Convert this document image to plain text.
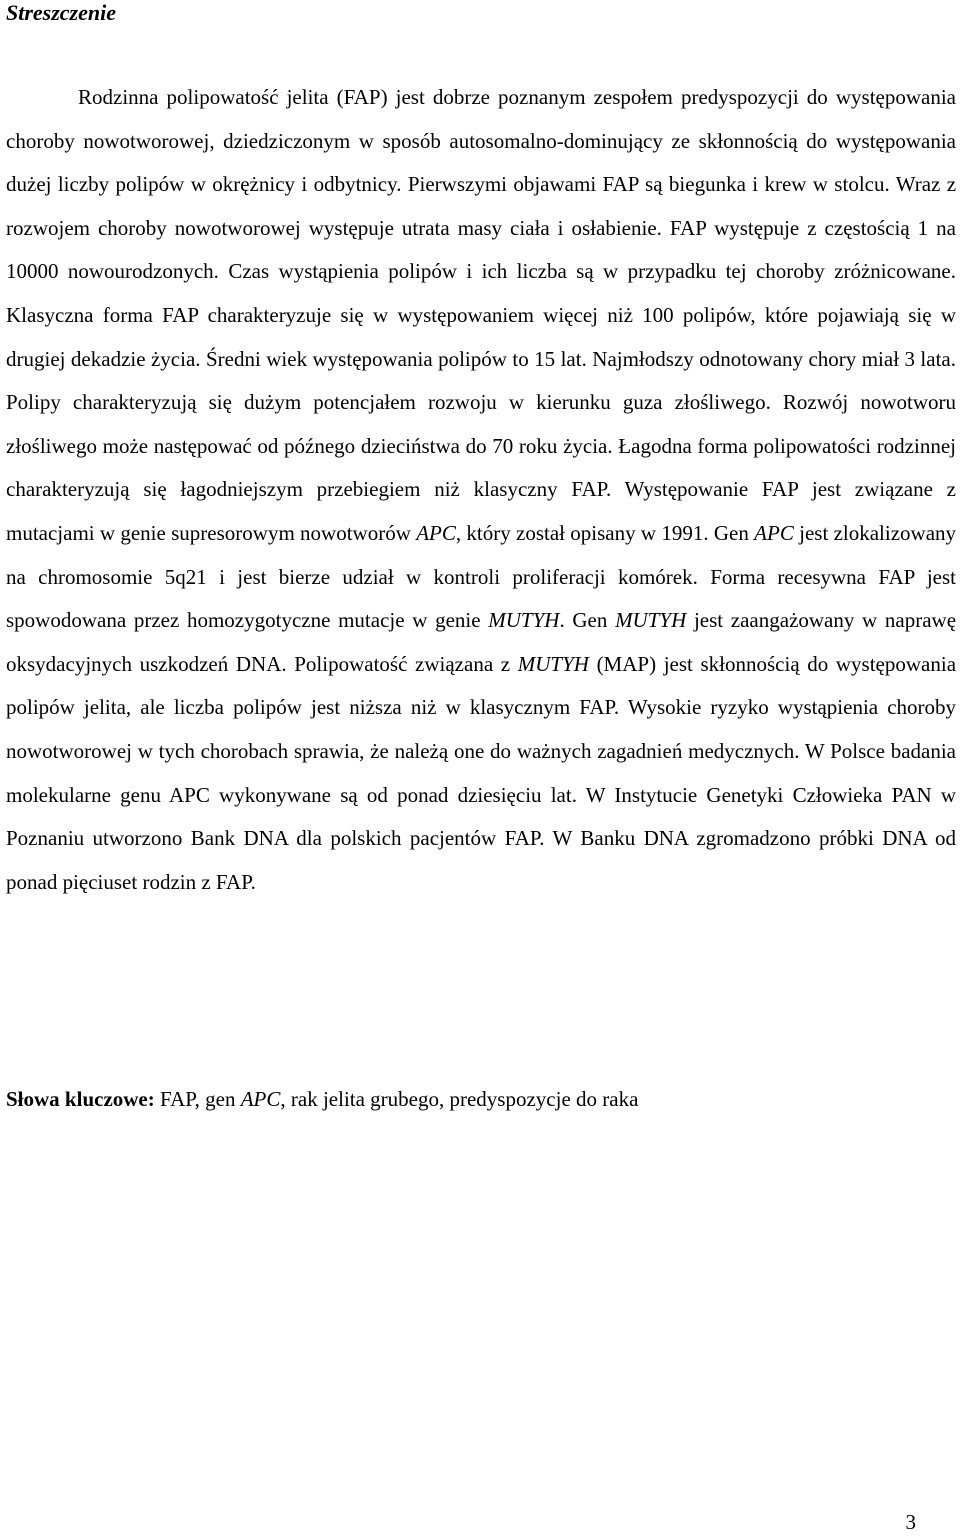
Streszczenie

Rodzinna polipowatość jelita (FAP) jest dobrze poznanym zespołem predyspozycji do występowania choroby nowotworowej, dziedziczonym w sposób autosomalno-dominujący ze skłonnością do występowania dużej liczby polipów w okrężnicy i odbytnicy. Pierwszymi objawami FAP są biegunka i krew w stolcu. Wraz z rozwojem choroby nowotworowej występuje utrata masy ciała i osłabienie. FAP występuje z częstością 1 na 10000 nowourodzonych. Czas wystąpienia polipów i ich liczba są w przypadku tej choroby zróżnicowane. Klasyczna forma FAP charakteryzuje się w występowaniem więcej niż 100 polipów, które pojawiają się w drugiej dekadzie życia. Średni wiek występowania polipów to 15 lat. Najmłodszy odnotowany chory miał 3 lata. Polipy charakteryzują się dużym potencjałem rozwoju w kierunku guza złośliwego. Rozwój nowotworu złośliwego może następować od późnego dzieciństwa do 70 roku życia. Łagodna forma polipowatości rodzinnej charakteryzują się łagodniejszym przebiegiem niż klasyczny FAP. Występowanie FAP jest związane z mutacjami w genie supresorowym nowotworów APC, który został opisany w 1991. Gen APC jest zlokalizowany na chromosomie 5q21 i jest bierze udział w kontroli proliferacji komórek. Forma recesywna FAP jest spowodowana przez homozygotyczne mutacje w genie MUTYH. Gen MUTYH jest zaangażowany w naprawę oksydacyjnych uszkodzeń DNA. Polipowatość związana z MUTYH (MAP) jest skłonnością do występowania polipów jelita, ale liczba polipów jest niższa niż w klasycznym FAP. Wysokie ryzyko wystąpienia choroby nowotworowej w tych chorobach sprawia, że należą one do ważnych zagadnień medycznych. W Polsce badania molekularne genu APC wykonywane są od ponad dziesięciu lat. W Instytucie Genetyki Człowieka PAN w Poznaniu utworzono Bank DNA dla polskich pacjentów FAP. W Banku DNA zgromadzono próbki DNA od ponad pięciuset rodzin z FAP.

Słowa kluczowe: FAP, gen APC, rak jelita grubego, predyspozycje do raka

3
